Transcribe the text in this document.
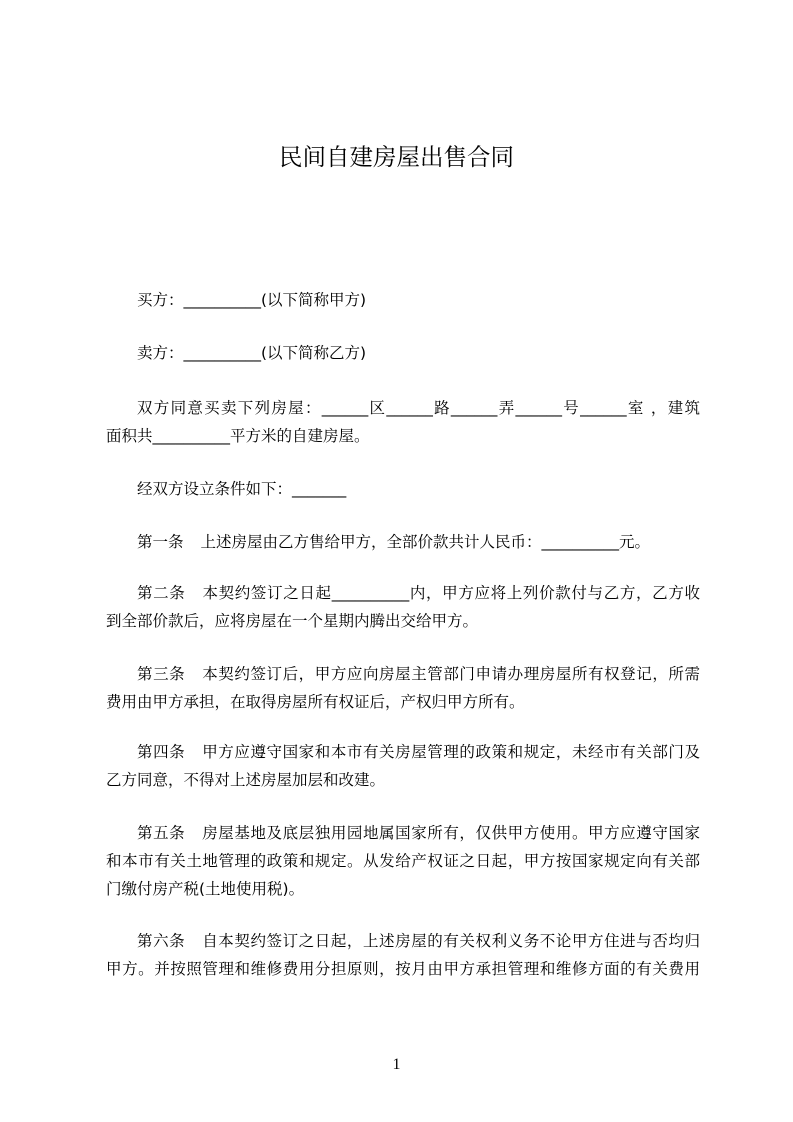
民间自建房屋出售合同
买方：__________(以下简称甲方)
卖方：__________(以下简称乙方)
双方同意买卖下列房屋：______区______路______弄______号______室 ，建筑
面积共__________平方米的自建房屋。
经双方设立条件如下：_______
第一条 上述房屋由乙方售给甲方，全部价款共计人民币：__________元。
第二条 本契约签订之日起__________内，甲方应将上列价款付与乙方，乙方收
到全部价款后，应将房屋在一个星期内腾出交给甲方。
第三条 本契约签订后，甲方应向房屋主管部门申请办理房屋所有权登记，所需
费用由甲方承担，在取得房屋所有权证后，产权归甲方所有。
第四条 甲方应遵守国家和本市有关房屋管理的政策和规定，未经市有关部门及
乙方同意，不得对上述房屋加层和改建。
第五条 房屋基地及底层独用园地属国家所有，仅供甲方使用。甲方应遵守国家
和本市有关土地管理的政策和规定。从发给产权证之日起，甲方按国家规定向有关部
门缴付房产税(土地使用税)。
第六条 自本契约签订之日起，上述房屋的有关权利义务不论甲方住进与否均归
甲方。并按照管理和维修费用分担原则，按月由甲方承担管理和维修方面的有关费用
1
